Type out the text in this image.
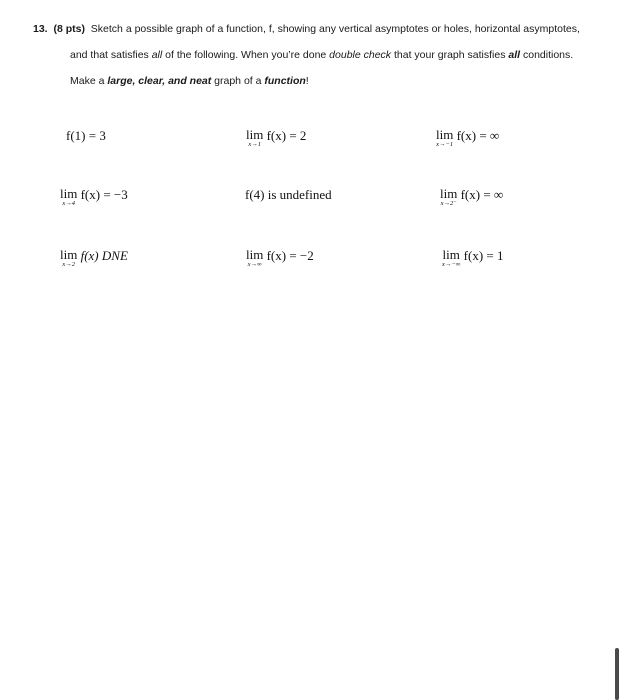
13. (8 pts) Sketch a possible graph of a function, f, showing any vertical asymptotes or holes, horizontal asymptotes,
and that satisfies all of the following. When you’re done double check that your graph satisfies all conditions.
Make a large, clear, and neat graph of a function!
f(1) = 3	lim
x→1
f(x) = 2	lim
x→−1
f(x) = ∞
lim
x→4
f(x) = −3	f(4) is undefined	lim
x→2⁻
f(x) = ∞
lim
x→2
f(x) DNE	lim
x→∞
f(x) = −2	lim
x→−∞
f(x) = 1
